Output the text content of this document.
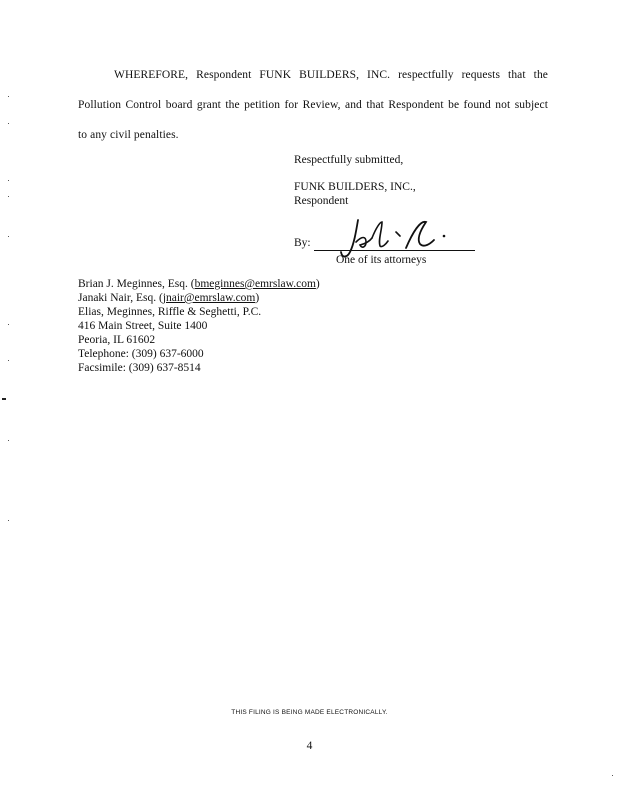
WHEREFORE, Respondent FUNK BUILDERS, INC. respectfully requests that the
Pollution Control board grant the petition for Review, and that Respondent be found not subject
to any civil penalties.
Respectfully submitted,
FUNK BUILDERS, INC.,
Respondent
By:
One of its attorneys
Brian J. Meginnes, Esq. (bmeginnes@emrslaw.com)
Janaki Nair, Esq. (jnair@emrslaw.com)
Elias, Meginnes, Riffle & Seghetti, P.C.
416 Main Street, Suite 1400
Peoria, IL 61602
Telephone: (309) 637-6000
Facsimile: (309) 637-8514
THIS FILING IS BEING MADE ELECTRONICALLY.
4
